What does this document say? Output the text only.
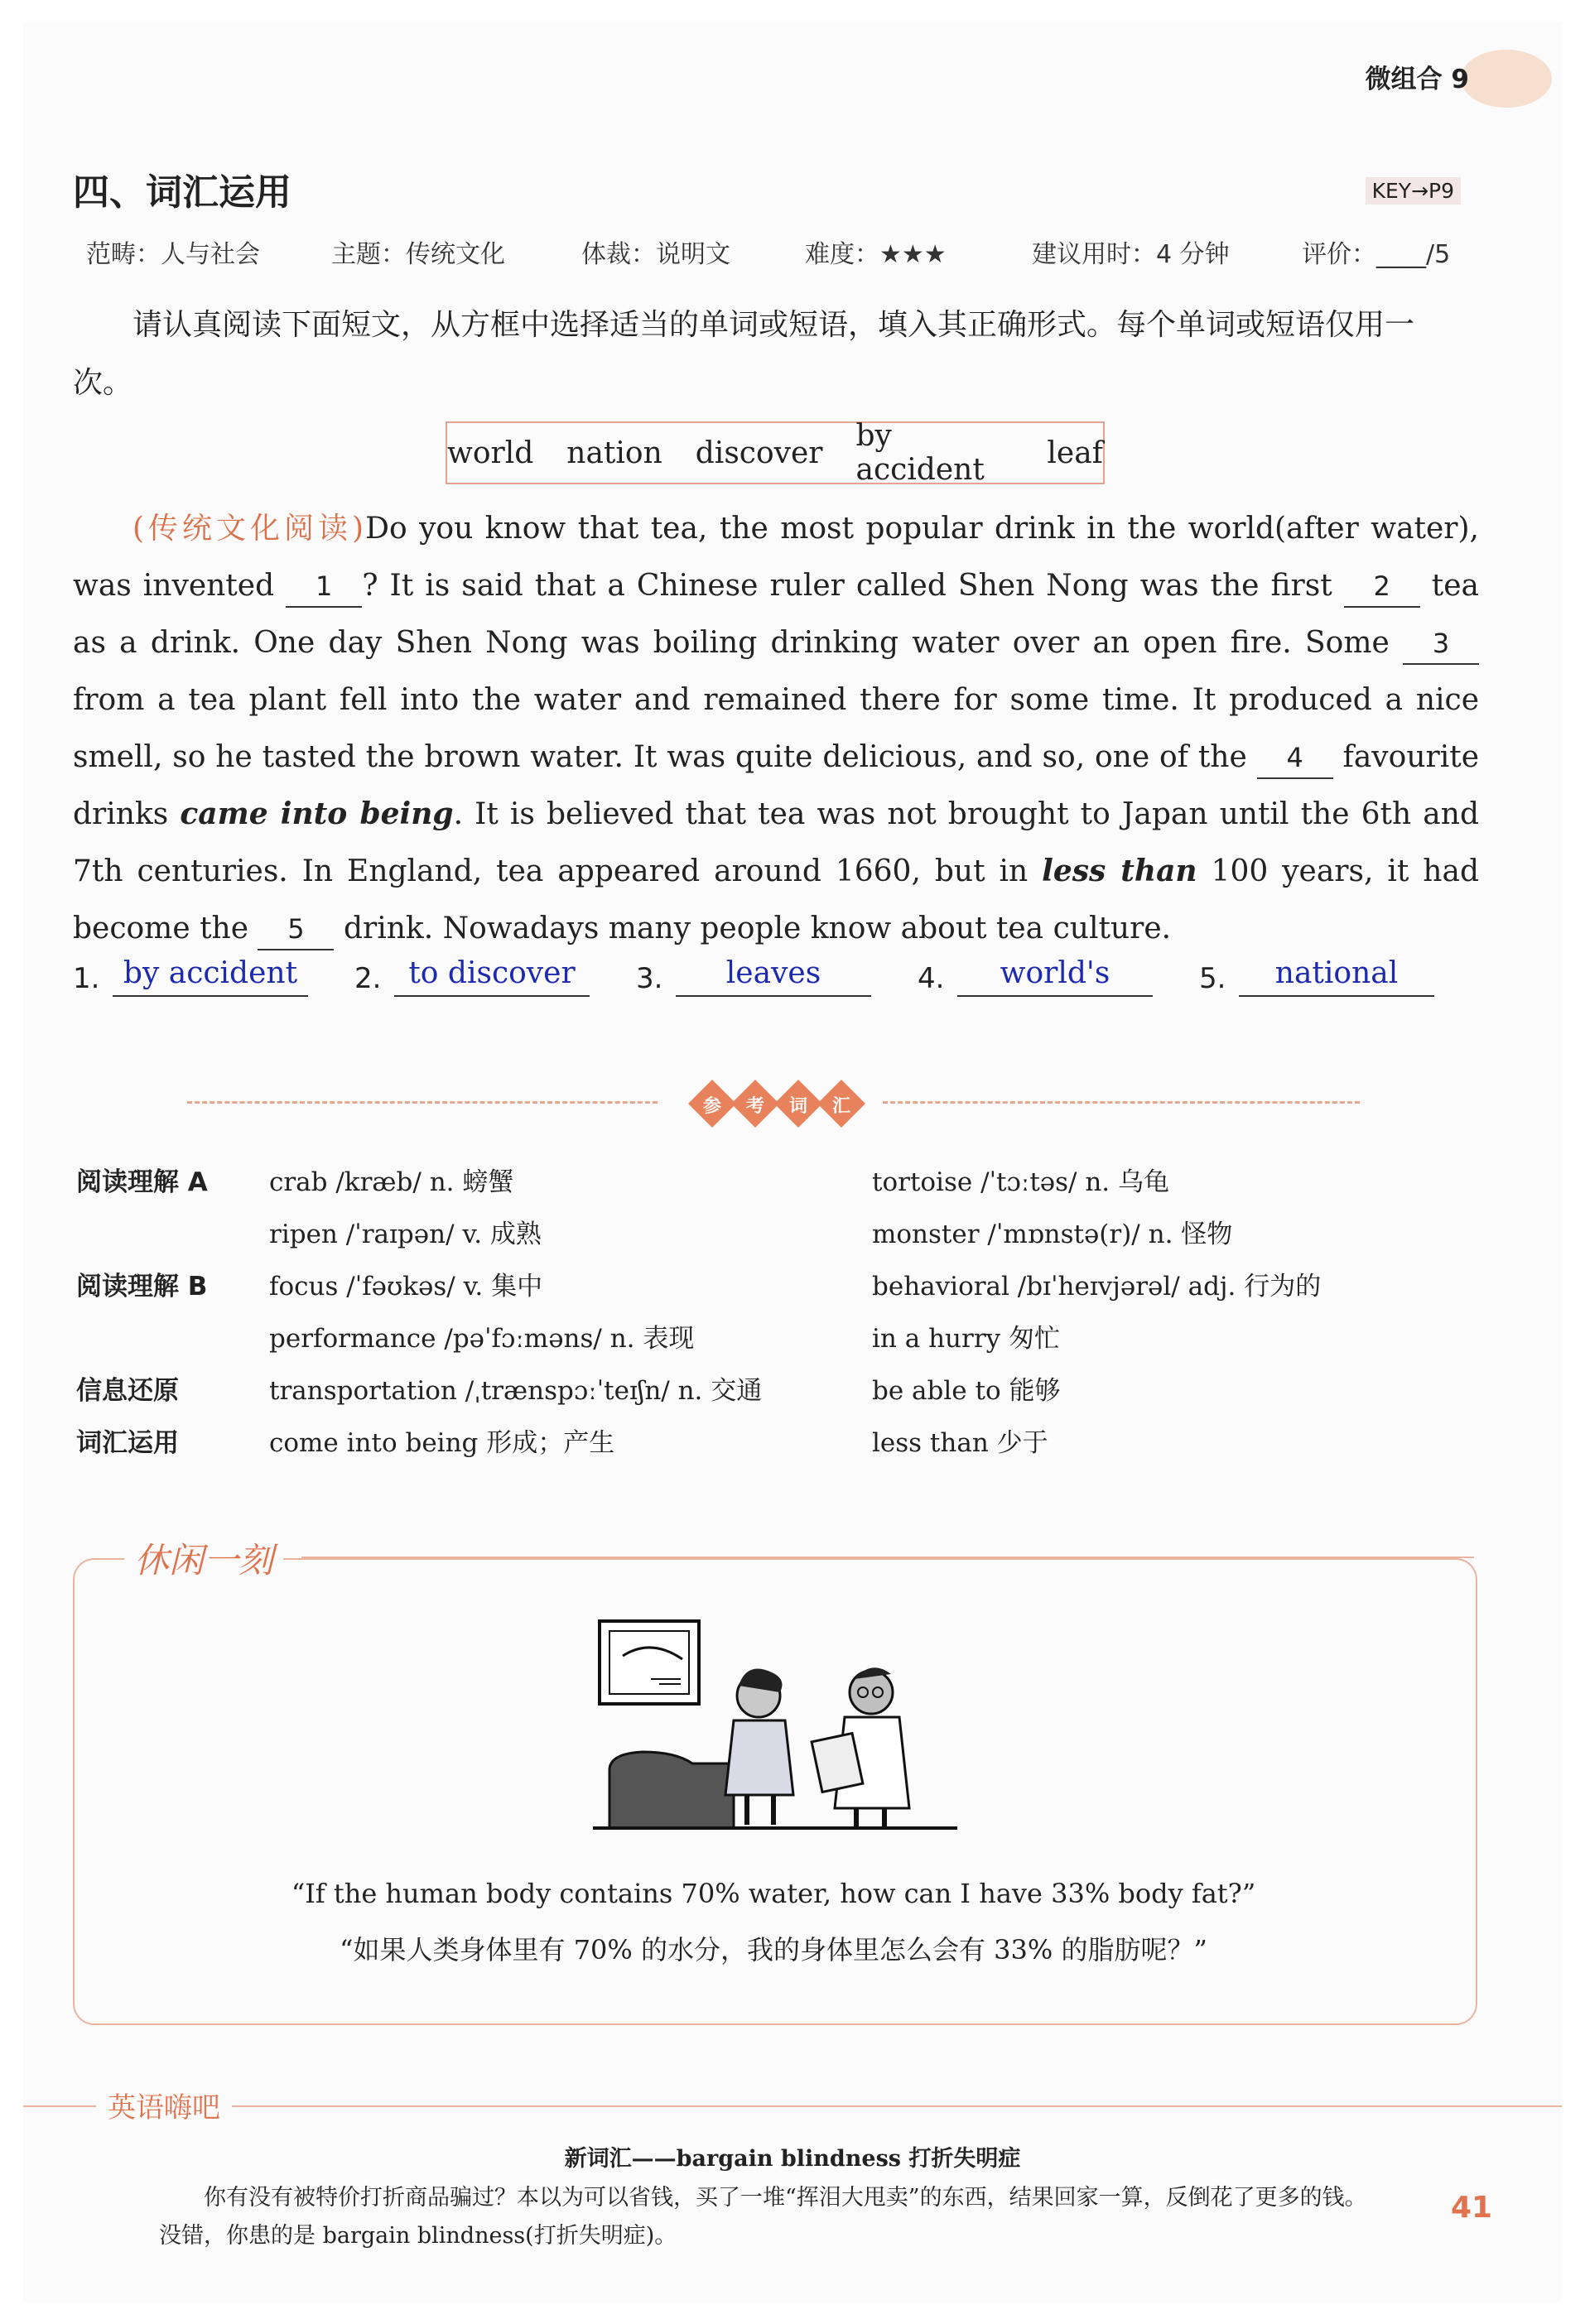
微组合 9
四、词汇运用	KEY→P9
范畴：人与社会	主题：传统文化	体裁：说明文	难度：★★★	建议用时：4 分钟	评价：____/5
请认真阅读下面短文，从方框中选择适当的单词或短语，填入其正确形式。每个单词或短语仅用一次。
world nation discover by accident	leaf
(传统文化阅读)Do you know that tea, the most popular drink in the world(after water), was invented 1 ? It is said that a Chinese ruler called Shen Nong was the first 2 tea as a drink. One day Shen Nong was boiling drinking water over an open fire. Some 3 from a tea plant fell into the water and remained there for some time. It produced a nice smell, so he tasted the brown water. It was quite delicious, and so, one of the 4 favourite drinks came into being. It is believed that tea was not brought to Japan until the 6th and 7th centuries. In England, tea appeared around 1660, but in less than 100 years, it had become the 5 drink. Nowadays many people know about tea culture.
1. by accident	2. to discover	3.	leaves	4.	world's	5.	national
参 考 词 汇
阅读理解 A crab /kræb/ n. 螃蟹	tortoise /ˈtɔːtəs/ n. 乌龟
ripen /ˈraɪpən/ v. 成熟	monster /ˈmɒnstə(r)/ n. 怪物
阅读理解 B focus /ˈfəʊkəs/ v. 集中	behavioral /bɪˈheɪvjərəl/ adj. 行为的
performance /pəˈfɔːməns/ n. 表现	in a hurry 匆忙
信息还原	transportation /ˌtrænspɔːˈteɪʃn/ n. 交通	be able to 能够
词汇运用	come into being 形成；产生	less than 少于
休闲一刻
“If the human body contains 70% water, how can I have 33% body fat?”
“如果人类身体里有 70% 的水分，我的身体里怎么会有 33% 的脂肪呢？”
英语嗨吧
新词汇——bargain blindness 打折失明症
你有没有被特价打折商品骗过？本以为可以省钱，买了一堆“挥泪大甩卖”的东西，结果回家一算，反倒花了更多的钱。没错，你患的是 bargain blindness(打折失明症)。
41
